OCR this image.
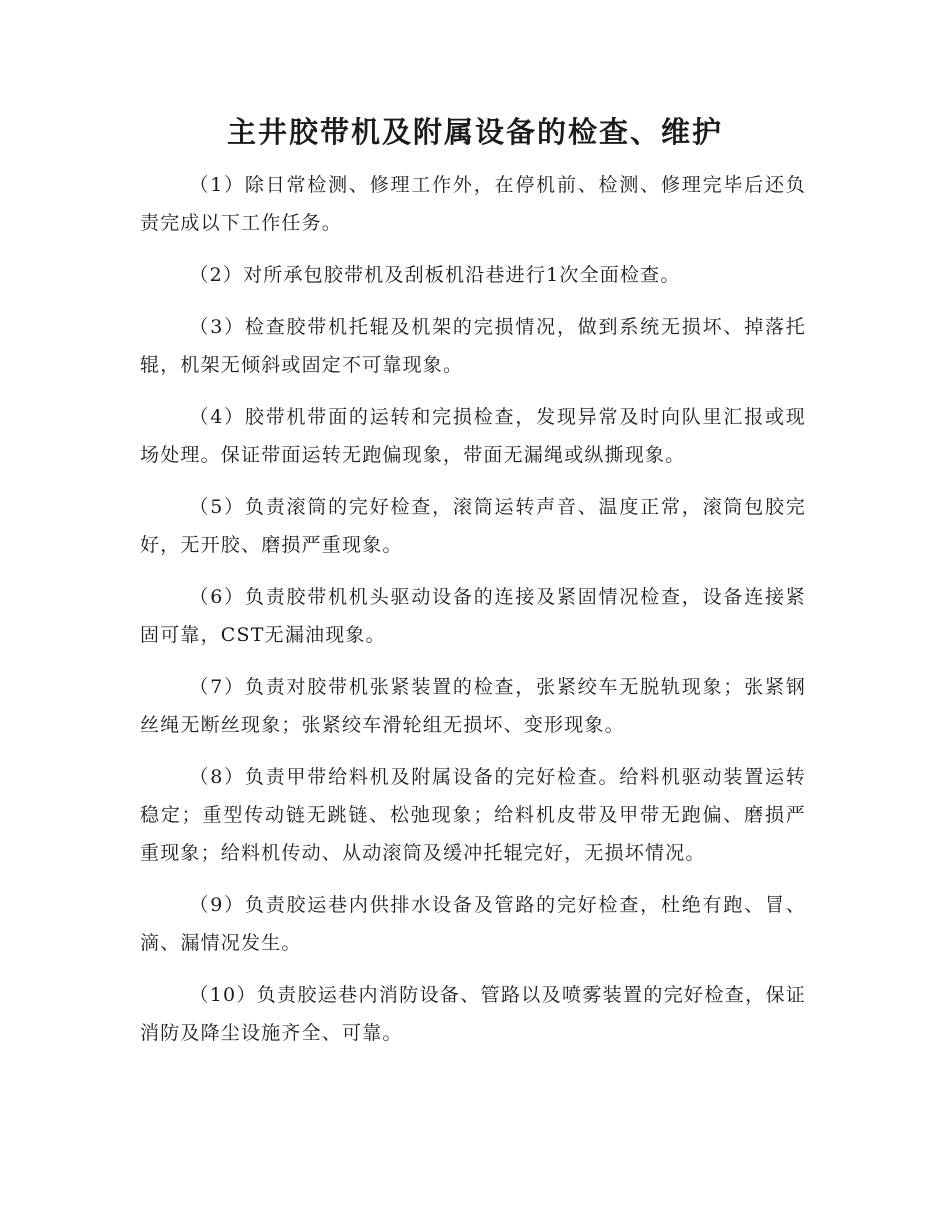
主井胶带机及附属设备的检查、维护

（1）除日常检测、修理工作外，在停机前、检测、修理完毕后还负责完成以下工作任务。

（2）对所承包胶带机及刮板机沿巷进行1次全面检查。

（3）检查胶带机托辊及机架的完损情况，做到系统无损坏、掉落托辊，机架无倾斜或固定不可靠现象。

（4）胶带机带面的运转和完损检查，发现异常及时向队里汇报或现场处理。保证带面运转无跑偏现象，带面无漏绳或纵撕现象。

（5）负责滚筒的完好检查，滚筒运转声音、温度正常，滚筒包胶完好，无开胶、磨损严重现象。

（6）负责胶带机机头驱动设备的连接及紧固情况检查，设备连接紧固可靠，CST无漏油现象。

（7）负责对胶带机张紧装置的检查，张紧绞车无脱轨现象；张紧钢丝绳无断丝现象；张紧绞车滑轮组无损坏、变形现象。

（8）负责甲带给料机及附属设备的完好检查。给料机驱动装置运转稳定；重型传动链无跳链、松弛现象；给料机皮带及甲带无跑偏、磨损严重现象；给料机传动、从动滚筒及缓冲托辊完好，无损坏情况。

（9）负责胶运巷内供排水设备及管路的完好检查，杜绝有跑、冒、滴、漏情况发生。

（10）负责胶运巷内消防设备、管路以及喷雾装置的完好检查，保证消防及降尘设施齐全、可靠。
